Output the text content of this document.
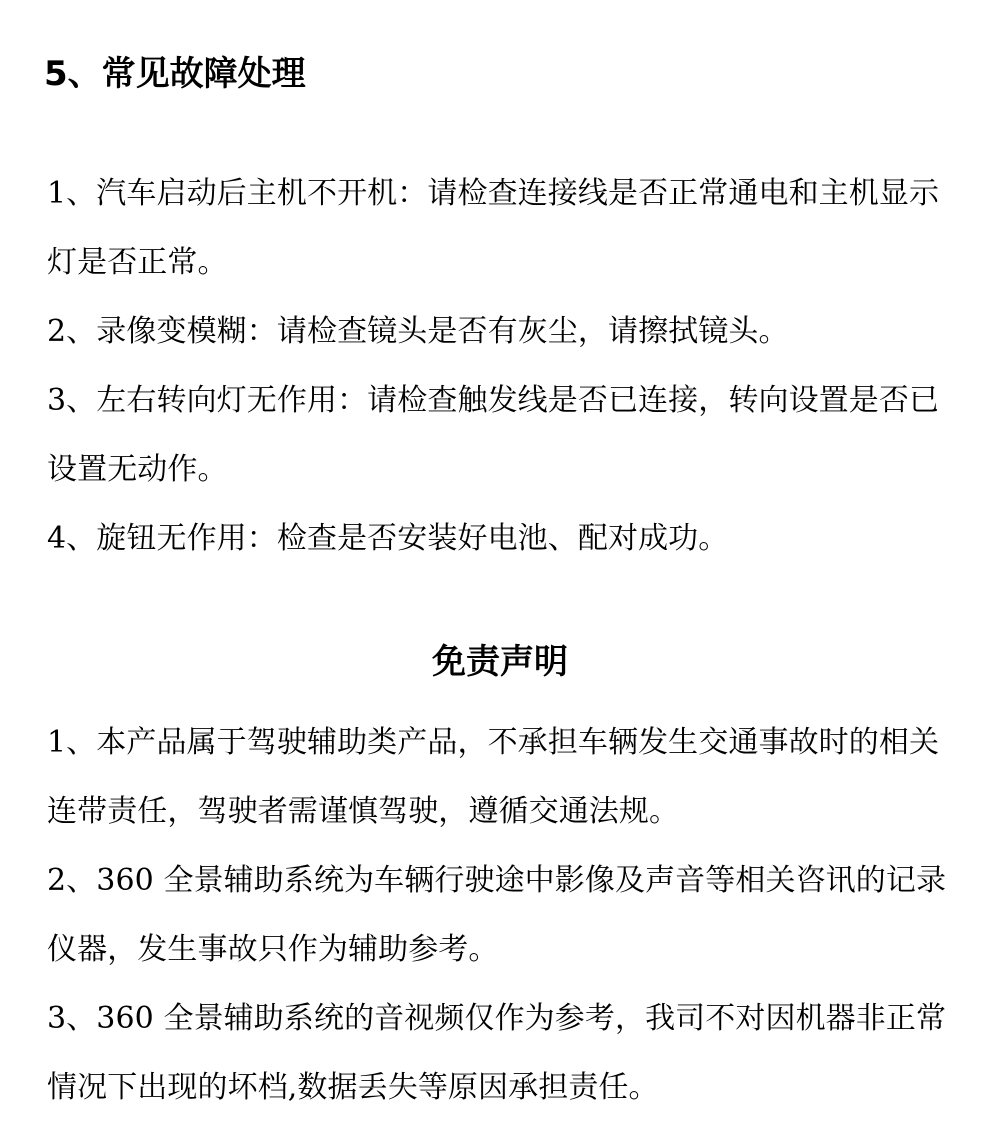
5、常见故障处理
1、汽车启动后主机不开机：请检查连接线是否正常通电和主机显示灯是否正常。
2、录像变模糊：请检查镜头是否有灰尘，请擦拭镜头。
3、左右转向灯无作用：请检查触发线是否已连接，转向设置是否已设置无动作。
4、旋钮无作用：检查是否安装好电池、配对成功。
免责声明
1、本产品属于驾驶辅助类产品，不承担车辆发生交通事故时的相关连带责任，驾驶者需谨慎驾驶，遵循交通法规。
2、360 全景辅助系统为车辆行驶途中影像及声音等相关咨讯的记录仪器，发生事故只作为辅助参考。
3、360 全景辅助系统的音视频仅作为参考，我司不对因机器非正常情况下出现的坏档,数据丢失等原因承担责任。
